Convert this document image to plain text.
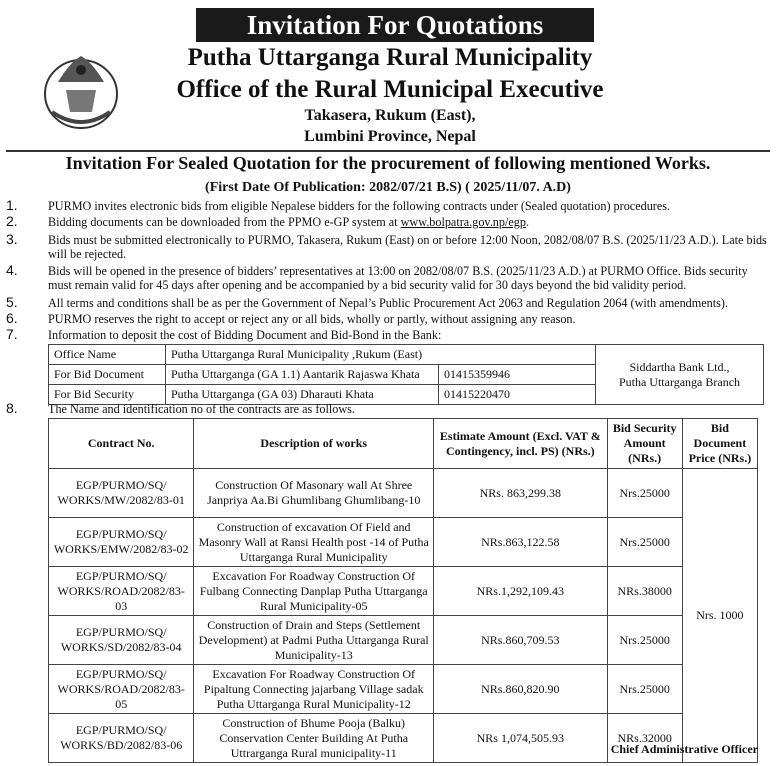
Invitation For Quotations
Putha Uttarganga Rural Municipality
Office of the Rural Municipal Executive
Takasera, Rukum (East),
Lumbini Province, Nepal
Invitation For Sealed Quotation for the procurement of following mentioned Works.
(First Date Of Publication: 2082/07/21 B.S) ( 2025/11/07. A.D)
1. PURMO invites electronic bids from eligible Nepalese bidders for the following contracts under (Sealed quotation) procedures.
2. Bidding documents can be downloaded from the PPMO e-GP system at www.bolpatra.gov.np/egp.
3. Bids must be submitted electronically to PURMO, Takasera, Rukum (East) on or before 12:00 Noon, 2082/08/07 B.S. (2025/11/23 A.D.). Late bids will be rejected.
4. Bids will be opened in the presence of bidders’ representatives at 13:00 on 2082/08/07 B.S. (2025/11/23 A.D.) at PURMO Office. Bids security must remain valid for 45 days after opening and be accompanied by a bid security valid for 30 days beyond the bid validity period.
5. All terms and conditions shall be as per the Government of Nepal’s Public Procurement Act 2063 and Regulation 2064 (with amendments).
6. PURMO reserves the right to accept or reject any or all bids, wholly or partly, without assigning any reason.
7. Information to deposit the cost of Bidding Document and Bid-Bond in the Bank:
Office Name	Putha Uttarganga Rural Municipality ,Rukum (East)		Siddartha Bank Ltd.,
Putha Uttarganga Branch

For Bid Document	Putha Uttarganga (GA 1.1) Aantarik Rajaswa Khata	01415359946	
For Bid Security	Putha Uttarganga (GA 03) Dharauti Khata	01415220470	
8. The Name and identification no of the contracts are as follows.
Contract No.	Description of works	Estimate Amount (Excl. VAT & Contingency, incl. PS) (NRs.)	Bid Security Amount (NRs.)	Bid Document Price (NRs.)
EGP/PURMO/SQ/ WORKS/MW/2082/83-01	Construction Of Masonary wall At Shree Janpriya Aa.Bi Ghumlibang Ghumlibang-10	NRs. 863,299.38	Nrs.25000	Nrs. 1000
EGP/PURMO/SQ/ WORKS/EMW/2082/83-02	Construction of excavation Of Field and Masonry Wall at Ransi Health post -14 of Putha Uttarganga Rural Municipality	NRs.863,122.58	Nrs.25000	
EGP/PURMO/SQ/ WORKS/ROAD/2082/83-03	Excavation For Roadway Construction Of Fulbang Connecting Danplap Putha Uttarganga Rural Municipality-05	NRs.1,292,109.43	NRs.38000	
EGP/PURMO/SQ/ WORKS/SD/2082/83-04	Construction of Drain and Steps (Settlement Development) at Padmi Putha Uttarganga Rural Municipality-13	NRs.860,709.53	Nrs.25000	
EGP/PURMO/SQ/ WORKS/ROAD/2082/83-05	Excavation For Roadway Construction Of Pipaltung Connecting jajarbang Village sadak Putha Uttarganga Rural Municipality-12	NRs.860,820.90	Nrs.25000	
EGP/PURMO/SQ/ WORKS/BD/2082/83-06	Construction of Bhume Pooja (Balku) Conservation Center Building At Putha Uttrarganga Rural municipality-11	NRs 1,074,505.93	NRs.32000	
Chief Administrative Officer
